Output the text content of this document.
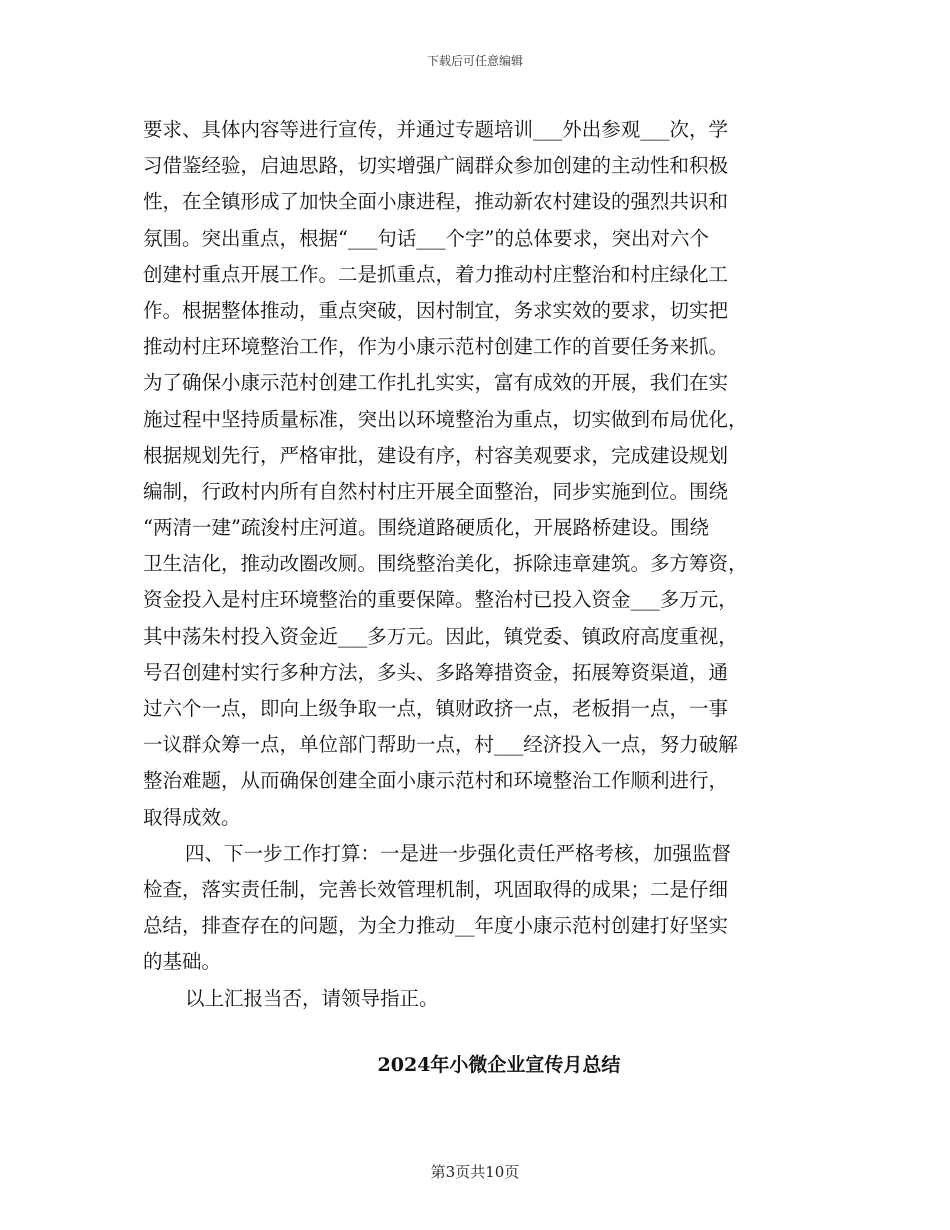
下载后可任意编辑
要求、具体内容等进行宣传，并通过专题培训___外出参观___次，学
习借鉴经验，启迪思路，切实增强广阔群众参加创建的主动性和积极
性，在全镇形成了加快全面小康进程，推动新农村建设的强烈共识和
氛围。突出重点，根据“___句话___个字”的总体要求，突出对六个
创建村重点开展工作。二是抓重点，着力推动村庄整治和村庄绿化工
作。根据整体推动，重点突破，因村制宜，务求实效的要求，切实把
推动村庄环境整治工作，作为小康示范村创建工作的首要任务来抓。
为了确保小康示范村创建工作扎扎实实，富有成效的开展，我们在实
施过程中坚持质量标准，突出以环境整治为重点，切实做到布局优化，
根据规划先行，严格审批，建设有序，村容美观要求，完成建设规划
编制，行政村内所有自然村村庄开展全面整治，同步实施到位。围绕
“两清一建”疏浚村庄河道。围绕道路硬质化，开展路桥建设。围绕
卫生洁化，推动改圈改厕。围绕整治美化，拆除违章建筑。多方筹资，
资金投入是村庄环境整治的重要保障。整治村已投入资金___多万元，
其中荡朱村投入资金近___多万元。因此，镇党委、镇政府高度重视，
号召创建村实行多种方法，多头、多路筹措资金，拓展筹资渠道，通
过六个一点，即向上级争取一点，镇财政挤一点，老板捐一点，一事
一议群众筹一点，单位部门帮助一点，村___经济投入一点，努力破解
整治难题，从而确保创建全面小康示范村和环境整治工作顺利进行，
取得成效。
四、下一步工作打算：一是进一步强化责任严格考核，加强监督
检查，落实责任制，完善长效管理机制，巩固取得的成果；二是仔细
总结，排查存在的问题，为全力推动__年度小康示范村创建打好坚实
的基础。
以上汇报当否，请领导指正。
2024年小微企业宣传月总结
第3页共10页
